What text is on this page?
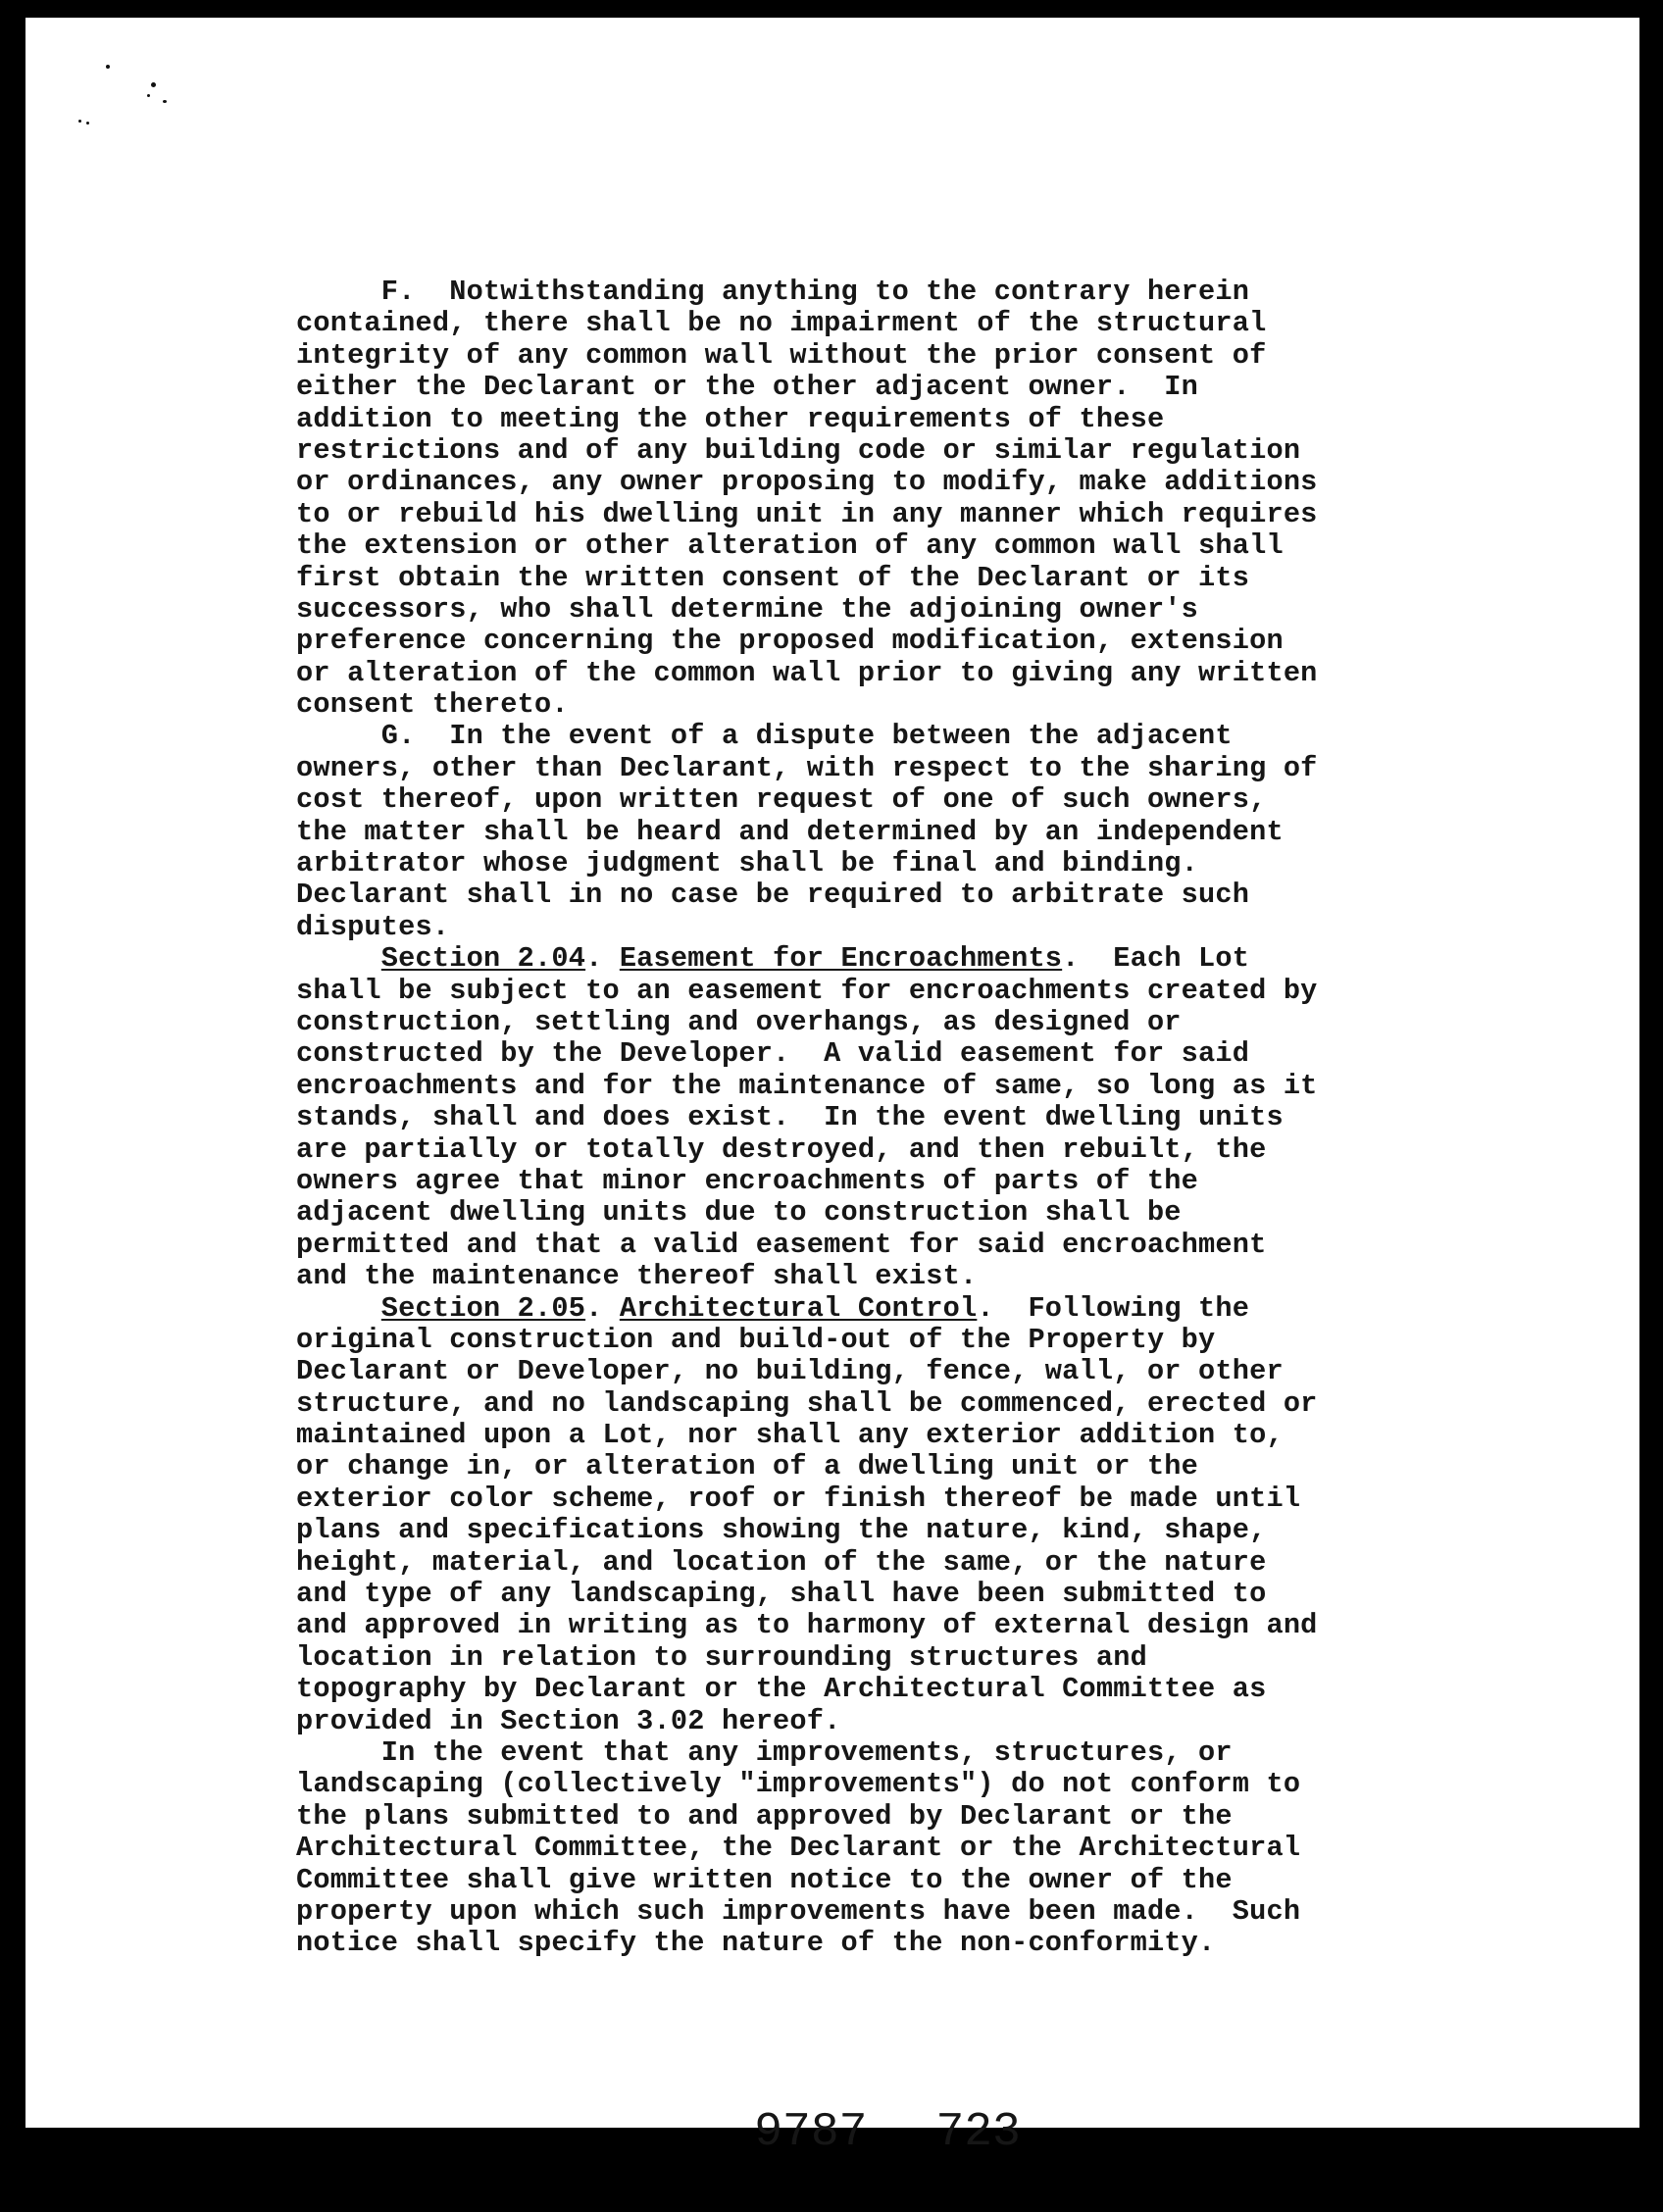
F.  Notwithstanding anything to the contrary herein
contained, there shall be no impairment of the structural
integrity of any common wall without the prior consent of
either the Declarant or the other adjacent owner.  In
addition to meeting the other requirements of these
restrictions and of any building code or similar regulation
or ordinances, any owner proposing to modify, make additions
to or rebuild his dwelling unit in any manner which requires
the extension or other alteration of any common wall shall
first obtain the written consent of the Declarant or its
successors, who shall determine the adjoining owner's
preference concerning the proposed modification, extension
or alteration of the common wall prior to giving any written
consent thereto.
G.  In the event of a dispute between the adjacent
owners, other than Declarant, with respect to the sharing of
cost thereof, upon written request of one of such owners,
the matter shall be heard and determined by an independent
arbitrator whose judgment shall be final and binding.
Declarant shall in no case be required to arbitrate such
disputes.
Section 2.04. Easement for Encroachments.  Each Lot
shall be subject to an easement for encroachments created by
construction, settling and overhangs, as designed or
constructed by the Developer.  A valid easement for said
encroachments and for the maintenance of same, so long as it
stands, shall and does exist.  In the event dwelling units
are partially or totally destroyed, and then rebuilt, the
owners agree that minor encroachments of parts of the
adjacent dwelling units due to construction shall be
permitted and that a valid easement for said encroachment
and the maintenance thereof shall exist.
Section 2.05. Architectural Control.  Following the
original construction and build-out of the Property by
Declarant or Developer, no building, fence, wall, or other
structure, and no landscaping shall be commenced, erected or
maintained upon a Lot, nor shall any exterior addition to,
or change in, or alteration of a dwelling unit or the
exterior color scheme, roof or finish thereof be made until
plans and specifications showing the nature, kind, shape,
height, material, and location of the same, or the nature
and type of any landscaping, shall have been submitted to
and approved in writing as to harmony of external design and
location in relation to surrounding structures and
topography by Declarant or the Architectural Committee as
provided in Section 3.02 hereof.
In the event that any improvements, structures, or
landscaping (collectively "improvements") do not conform to
the plans submitted to and approved by Declarant or the
Architectural Committee, the Declarant or the Architectural
Committee shall give written notice to the owner of the
property upon which such improvements have been made.  Such
notice shall specify the nature of the non-conformity.

9787 723
